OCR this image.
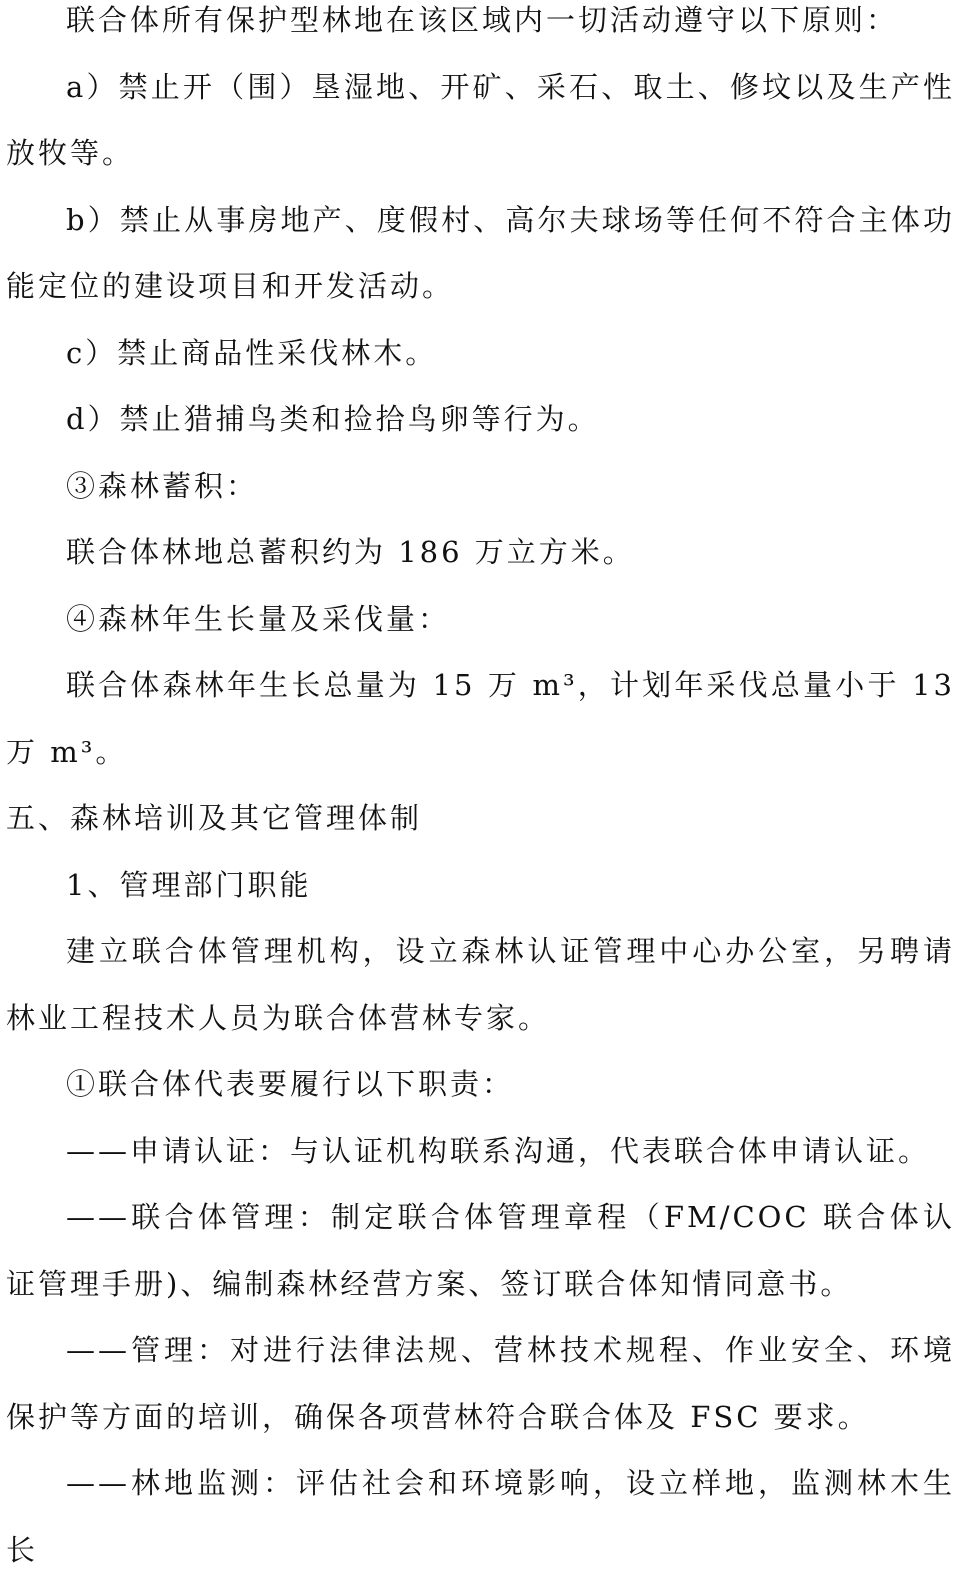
联合体所有保护型林地在该区域内一切活动遵守以下原则：

a）禁止开（围）垦湿地、开矿、采石、取土、修坟以及生产性放牧等。

b）禁止从事房地产、度假村、高尔夫球场等任何不符合主体功能定位的建设项目和开发活动。

c）禁止商品性采伐林木。

d）禁止猎捕鸟类和捡拾鸟卵等行为。

③森林蓄积：

联合体林地总蓄积约为 186 万立方米。

④森林年生长量及采伐量：

联合体森林年生长总量为 15 万 m³，计划年采伐总量小于 13 万 m³。

五、森林培训及其它管理体制

1、管理部门职能

建立联合体管理机构，设立森林认证管理中心办公室，另聘请林业工程技术人员为联合体营林专家。

①联合体代表要履行以下职责：

——申请认证：与认证机构联系沟通，代表联合体申请认证。

——联合体管理：制定联合体管理章程（FM/COC 联合体认证管理手册)、编制森林经营方案、签订联合体知情同意书。

——管理：对进行法律法规、营林技术规程、作业安全、环境保护等方面的培训，确保各项营林符合联合体及 FSC 要求。

——林地监测：评估社会和环境影响，设立样地，监测林木生长
